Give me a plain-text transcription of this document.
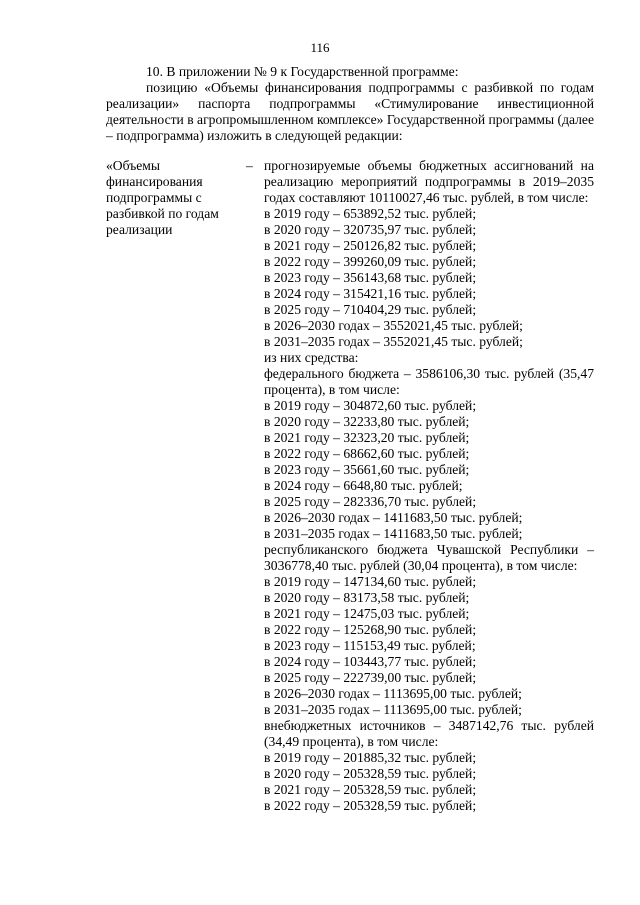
116

10. В приложении № 9 к Государственной программе:

позицию «Объемы финансирования подпрограммы с разбивкой по годам реализации» паспорта подпрограммы «Стимулирование инвестиционной деятельности в агропромышленном комплексе» Государственной программы (далее – подпрограмма) изложить в следующей редакции:

«Объемы финансирования подпрограммы с разбивкой по годам реализации
– прогнозируемые объемы бюджетных ассигнований на реализацию мероприятий подпрограммы в 2019–2035 годах составляют 10110027,46 тыс. рублей, в том числе:

в 2019 году – 653892,52 тыс. рублей;
в 2020 году – 320735,97 тыс. рублей;
в 2021 году – 250126,82 тыс. рублей;
в 2022 году – 399260,09 тыс. рублей;
в 2023 году – 356143,68 тыс. рублей;
в 2024 году – 315421,16 тыс. рублей;
в 2025 году – 710404,29 тыс. рублей;
в 2026–2030 годах – 3552021,45 тыс. рублей;
в 2031–2035 годах – 3552021,45 тыс. рублей;
из них средства:

федерального бюджета – 3586106,30 тыс. рублей (35,47 процента), в том числе:

в 2019 году – 304872,60 тыс. рублей;
в 2020 году – 32233,80 тыс. рублей;
в 2021 году – 32323,20 тыс. рублей;
в 2022 году – 68662,60 тыс. рублей;
в 2023 году – 35661,60 тыс. рублей;
в 2024 году – 6648,80 тыс. рублей;
в 2025 году – 282336,70 тыс. рублей;
в 2026–2030 годах – 1411683,50 тыс. рублей;
в 2031–2035 годах – 1411683,50 тыс. рублей;

республиканского бюджета Чувашской Республики – 3036778,40 тыс. рублей (30,04 процента), в том числе:

в 2019 году – 147134,60 тыс. рублей;
в 2020 году – 83173,58 тыс. рублей;
в 2021 году – 12475,03 тыс. рублей;
в 2022 году – 125268,90 тыс. рублей;
в 2023 году – 115153,49 тыс. рублей;
в 2024 году – 103443,77 тыс. рублей;
в 2025 году – 222739,00 тыс. рублей;
в 2026–2030 годах – 1113695,00 тыс. рублей;
в 2031–2035 годах – 1113695,00 тыс. рублей;

внебюджетных источников – 3487142,76 тыс. рублей (34,49 процента), в том числе:

в 2019 году – 201885,32 тыс. рублей;
в 2020 году – 205328,59 тыс. рублей;
в 2021 году – 205328,59 тыс. рублей;
в 2022 году – 205328,59 тыс. рублей;
